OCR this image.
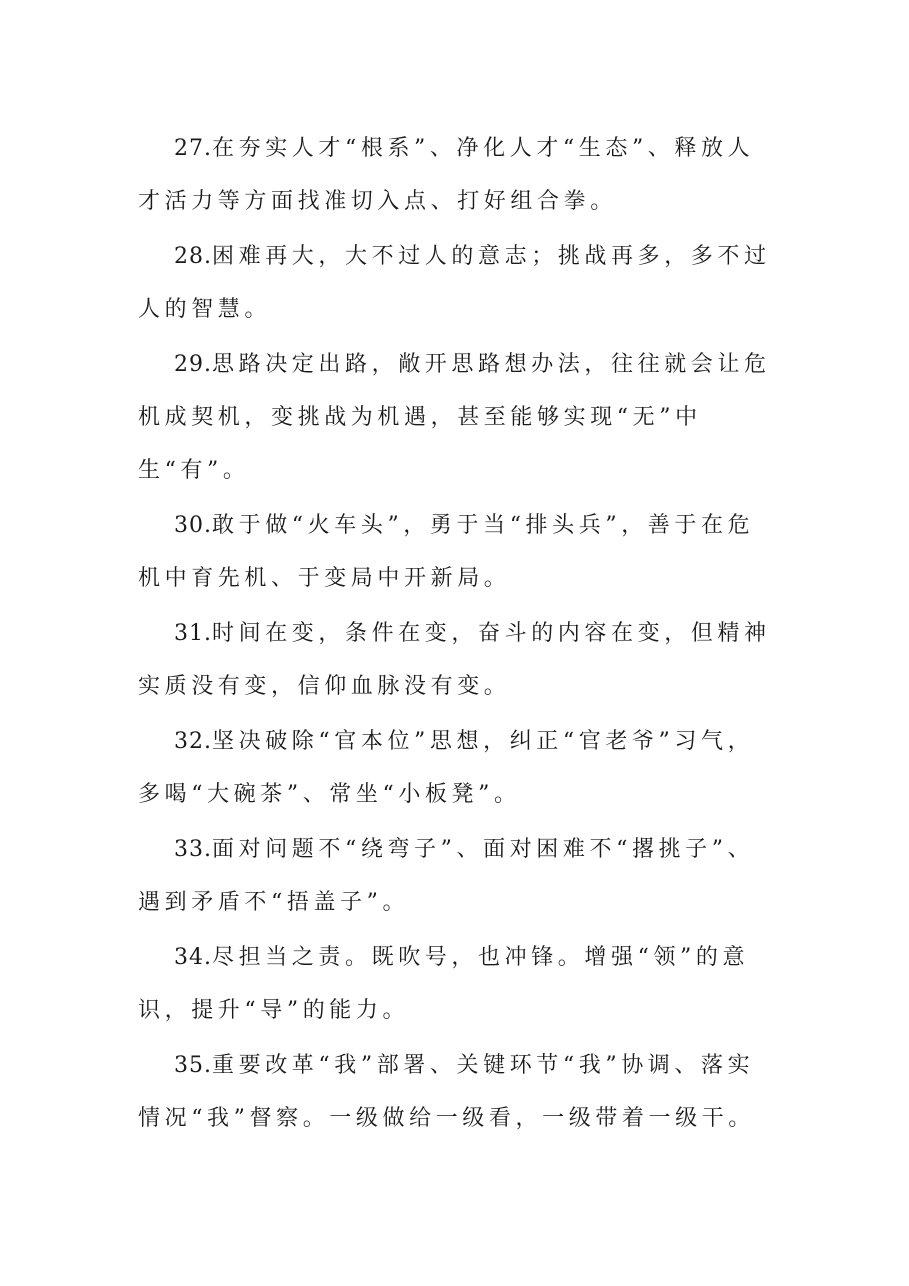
27.在夯实人才“根系”、净化人才“生态”、释放人才活力等方面找准切入点、打好组合拳。

28.困难再大，大不过人的意志；挑战再多，多不过人的智慧。

29.思路决定出路，敞开思路想办法，往往就会让危机成契机，变挑战为机遇，甚至能够实现“无”中生“有”。

30.敢于做“火车头”，勇于当“排头兵”，善于在危机中育先机、于变局中开新局。

31.时间在变，条件在变，奋斗的内容在变，但精神实质没有变，信仰血脉没有变。

32.坚决破除“官本位”思想，纠正“官老爷”习气，多喝“大碗茶”、常坐“小板凳”。

33.面对问题不“绕弯子”、面对困难不“撂挑子”、遇到矛盾不“捂盖子”。

34.尽担当之责。既吹号，也冲锋。增强“领”的意识，提升“导”的能力。

35.重要改革“我”部署、关键环节“我”协调、落实情况“我”督察。一级做给一级看，一级带着一级干。
